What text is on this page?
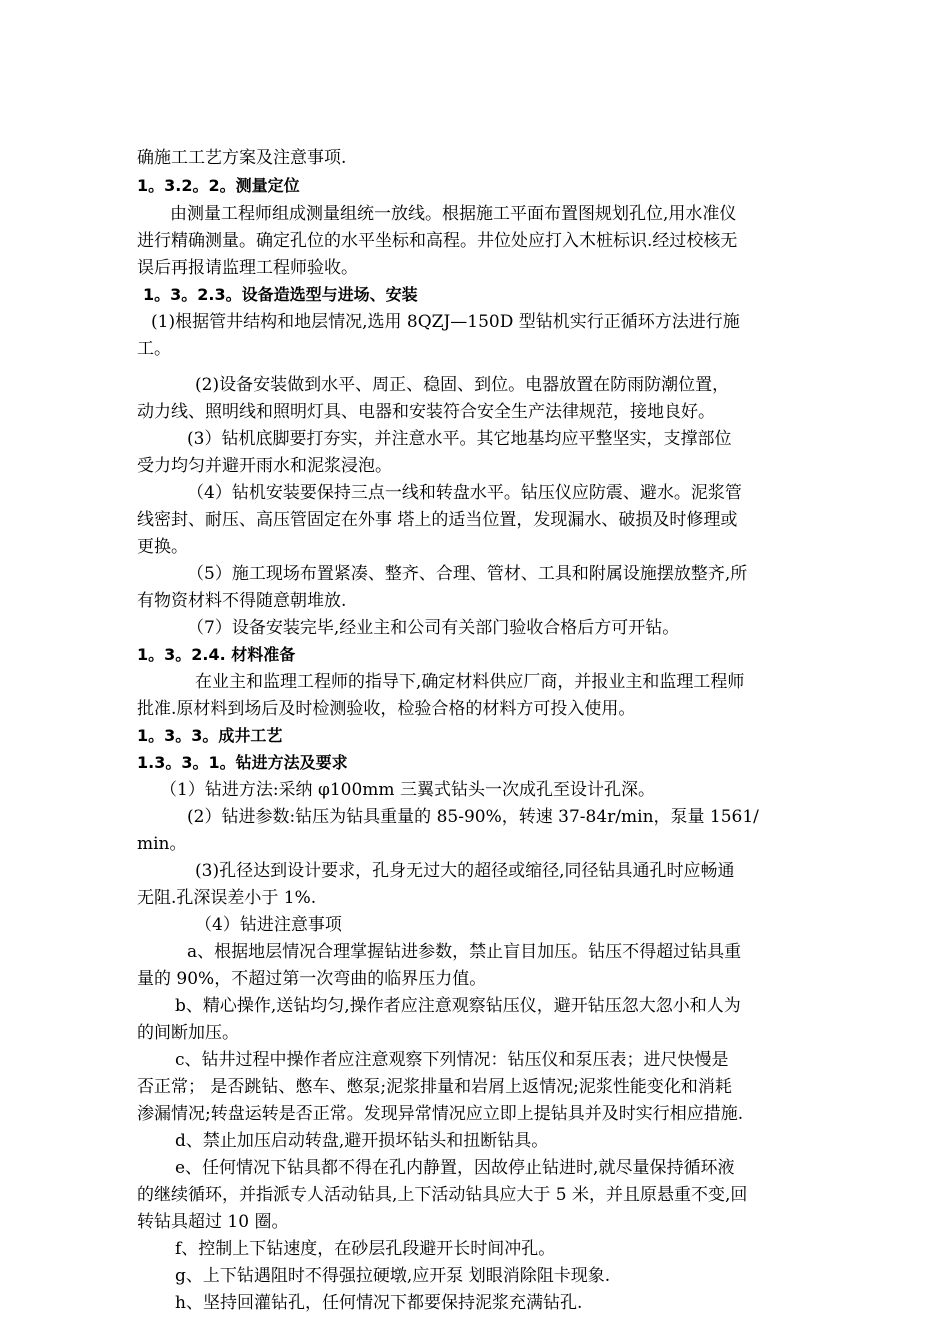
确施工工艺方案及注意事项.
1。3.2。2。测量定位
由测量工程师组成测量组统一放线。根据施工平面布置图规划孔位,用水准仪
进行精确测量。确定孔位的水平坐标和高程。井位处应打入木桩标识.经过校核无
误后再报请监理工程师验收。
1。3。2.3。设备造选型与进场、安装
(1)根据管井结构和地层情况,选用 8QZJ—150D 型钻机实行正循环方法进行施
工。
(2)设备安装做到水平、周正、稳固、到位。电器放置在防雨防潮位置，
动力线、照明线和照明灯具、电器和安装符合安全生产法律规范，接地良好。
(3）钻机底脚要打夯实，并注意水平。其它地基均应平整坚实，支撑部位
受力均匀并避开雨水和泥浆浸泡。
（4）钻机安装要保持三点一线和转盘水平。钻压仪应防震、避水。泥浆管
线密封、耐压、高压管固定在外事 塔上的适当位置，发现漏水、破损及时修理或
更换。
（5）施工现场布置紧凑、整齐、合理、管材、工具和附属设施摆放整齐,所
有物资材料不得随意朝堆放.
（7）设备安装完毕,经业主和公司有关部门验收合格后方可开钻。
1。3。2.4. 材料准备
在业主和监理工程师的指导下,确定材料供应厂商，并报业主和监理工程师
批准.原材料到场后及时检测验收，检验合格的材料方可投入使用。
1。3。3。成井工艺
1.3。3。1。钻进方法及要求
（1）钻进方法:采纳 φ100mm 三翼式钻头一次成孔至设计孔深。
(2）钻进参数:钻压为钻具重量的 85-90%，转速 37-84r/min，泵量 1561/
min。
(3)孔径达到设计要求，孔身无过大的超径或缩径,同径钻具通孔时应畅通
无阻.孔深误差小于 1%.
（4）钻进注意事项
a、根据地层情况合理掌握钻进参数，禁止盲目加压。钻压不得超过钻具重
量的 90%，不超过第一次弯曲的临界压力值。
b、精心操作,送钻均匀,操作者应注意观察钻压仪，避开钻压忽大忽小和人为
的间断加压。
c、钻井过程中操作者应注意观察下列情况：钻压仪和泵压表；进尺快慢是
否正常； 是否跳钻、憋车、憋泵;泥浆排量和岩屑上返情况;泥浆性能变化和消耗
渗漏情况;转盘运转是否正常。发现异常情况应立即上提钻具并及时实行相应措施.
d、禁止加压启动转盘,避开损坏钻头和扭断钻具。
e、任何情况下钻具都不得在孔内静置，因故停止钻进时,就尽量保持循环液
的继续循环，并指派专人活动钻具,上下活动钻具应大于 5 米，并且原悬重不变,回
转钻具超过 10 圈。
f、控制上下钻速度，在砂层孔段避开长时间冲孔。
g、上下钻遇阻时不得强拉硬墩,应开泵 划眼消除阻卡现象.
h、坚持回灌钻孔，任何情况下都要保持泥浆充满钻孔.
